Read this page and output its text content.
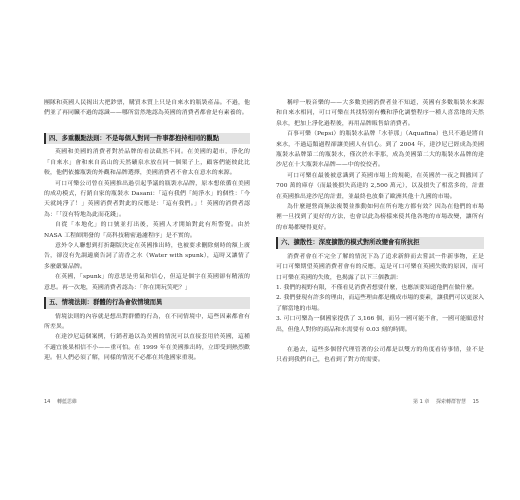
團隊和英國人民揭出大把鈔票，購買本質上只是自來水的瓶裝產品。不過，他們並了再同臟不過的認識——哪所當然地認為英國的消費者都會是有素養的。

四、多重觀點法則：不是每個人對同一件事都抱持相同的觀點

英國和美國的消費者對於品牌的看法截然不同。在美國的超市，淨化的「自來水」會和來自高山的天然礦泉水放在同一個架子上，顧客們能彼此比較，他們依據瓶裝的外觀和品牌選擇，美國消費者不會太在意水的來源。

可口可樂公司曾在英國推出過引起爭議的瓶裝水品牌，原本想依循在美國的成功模式，行銷自家的瓶裝水 Dasani：「這有我們「純淨水」的個性：「今天就純淨了！」英國消費者對此的反應是：「這有我們。」！英國的消費者認為：「「沒有特地為此而花錢」。

自從「本地化」的口號並打出後，英國人才開始對此有所警覺。由於 NASA 工程師開發的「高科技精密過濾程序」是不實的。

意外令人聯想到打折翻版決定在英國推出時，也被要求刪除刻時的額上廣告，卻沒有先調適廣告詞了清香之水（Water with spunk），這時又讓情了多麼嚴緊品牌。

在英國，「spunk」的意思是勇氣和信心，但這是個字在英國卻有精液的意思。再一次地，英國消費者認為：「你在開玩笑吧？」

五、情境法則：群體的行為會依情境而異

情境法則的內容就是想出對群體的行為，在不同情境中，這些因素都會有所差異。

在達沙尼這個案例，行銷者過以為美國的情況可以直接套用於英國，這種不適宜後果相信不小——重可怕。在 1999 年在美國推出時，立即受到熱烈歡迎。但人們必須了解，同樣的情況不必都在其他國家重現。

稱呼一般音樂的——大多數美國消費者並不知道，英國有多數瓶裝水來源和自來水相同，可口可樂在其找特別有機和淨化調整程序一種人喜當地的天然泉水，把加上淨化過程後，再用品牌販售給消費者。

百事可樂（Pepsi）的瓶裝水品牌「水菲那」（Aquafina）也只不過是將自來水，不過這類過程卻讓美國人有信心。到了 2004 年，達沙尼已經成為美國瓶裝水品牌第二的瓶裝水，僅次於水菲那，成為美國第二大的瓶裝水品牌的達沙尼在十大瓶裝水品牌——中的佼佼者。

可口可樂在最後被意識到了英國市場上的規範，在英國於一夜之間撤回了 700 萬的庫存（而最後損失高達約 2,500 萬元），以及損失了相當多的，計畫在英國推出達沙尼的計畫，並最終也放棄了歐洲其他十九國的市場。

為什麼運營商無法複製並推動如何在所有地方都有效？因為在他們的市場裡一旦找到了更好的方法，也會以此為榜樣來使其他各地的市場改變，讓所有的市場都變得更好。

六、擴散性：深度擴散的模式對所改變會有所抗拒

消費者會在不完全了解的情況下為了追求新鮮而去嘗試一件新事物，正是可口可樂期望英國消費者會有的反應，這是可口可樂在英國失敗的原因，而可口可樂在英國的失敗，也揭露了以下三個教訓：

1. 我們的視野有限，不僅看見消費者想要什麼，也應該要知道他們在做什麼。

2. 我們發現有許多的理由，而這些理由都是構成市場的要素，讓我們可以更深入了解當地的市場。

3. 可口可樂為一個國家提供了 3,166 個，而另一國可能不會，一國可能願意付出，但他人對你的商品和水需要有 0.03 刻的時間。

在過去，這些多個替代理管著的公司都是以雙方的角度看待事情，並不是只看到我們自己，也看到了對方的需要。

14 轉藍思維	第 1 章 探索轉群智慧 15
